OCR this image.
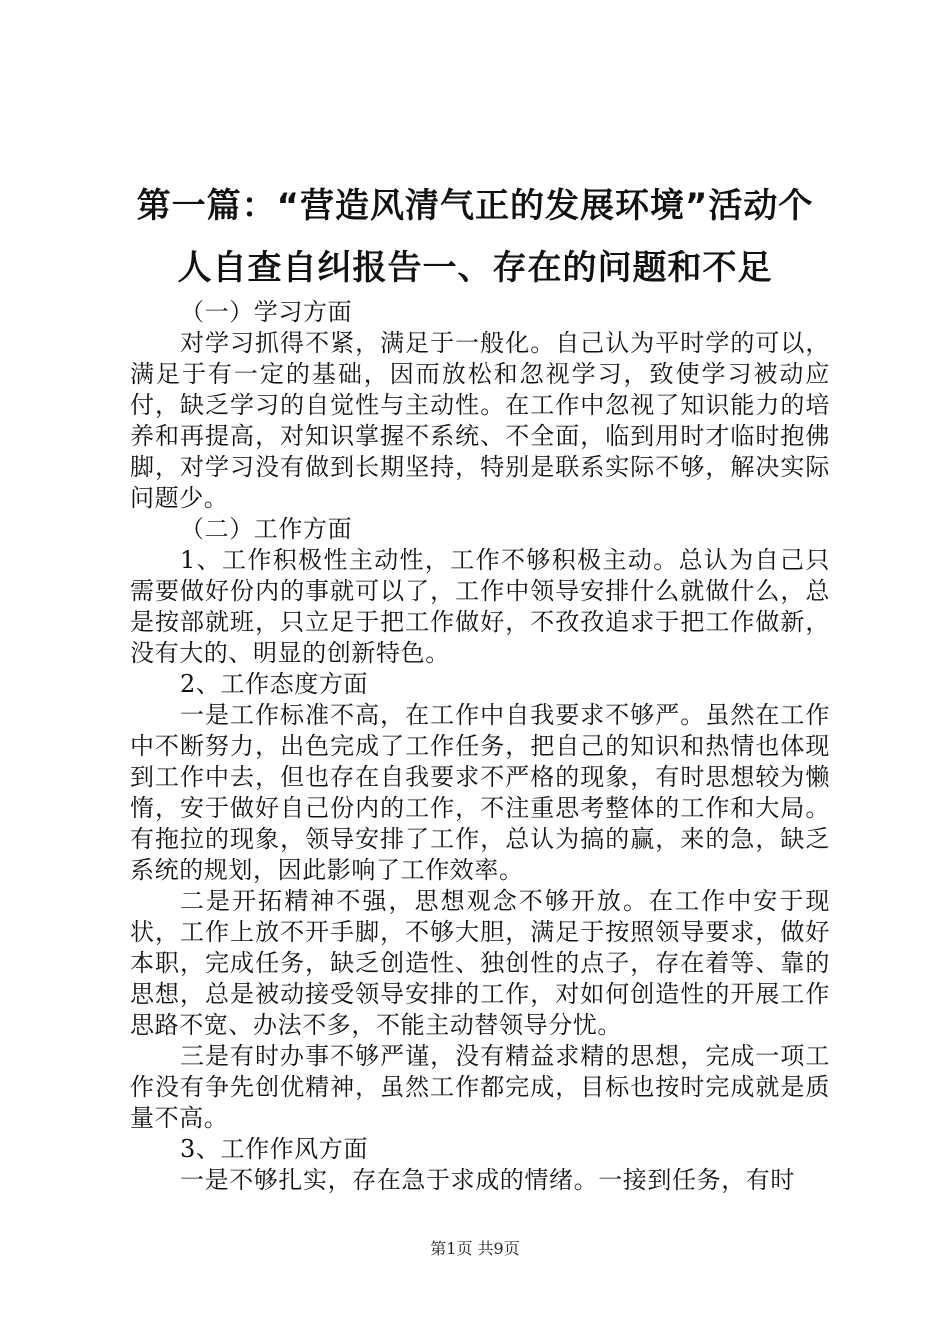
第一篇：“营造风清气正的发展环境”活动个
人自查自纠报告一、存在的问题和不足

（一）学习方面

对学习抓得不紧，满足于一般化。自己认为平时学的可以，满足于有一定的基础，因而放松和忽视学习，致使学习被动应付，缺乏学习的自觉性与主动性。在工作中忽视了知识能力的培养和再提高，对知识掌握不系统、不全面，临到用时才临时抱佛脚，对学习没有做到长期坚持，特别是联系实际不够，解决实际问题少。

（二）工作方面

1、工作积极性主动性，工作不够积极主动。总认为自己只需要做好份内的事就可以了，工作中领导安排什么就做什么，总是按部就班，只立足于把工作做好，不孜孜追求于把工作做新，没有大的、明显的创新特色。

2、工作态度方面

一是工作标准不高，在工作中自我要求不够严。虽然在工作中不断努力，出色完成了工作任务，把自己的知识和热情也体现到工作中去，但也存在自我要求不严格的现象，有时思想较为懒惰，安于做好自己份内的工作，不注重思考整体的工作和大局。有拖拉的现象，领导安排了工作，总认为搞的赢，来的急，缺乏系统的规划，因此影响了工作效率。

二是开拓精神不强，思想观念不够开放。在工作中安于现状，工作上放不开手脚，不够大胆，满足于按照领导要求，做好本职，完成任务，缺乏创造性、独创性的点子，存在着等、靠的思想，总是被动接受领导安排的工作，对如何创造性的开展工作思路不宽、办法不多，不能主动替领导分忧。

三是有时办事不够严谨，没有精益求精的思想，完成一项工作没有争先创优精神，虽然工作都完成，目标也按时完成就是质量不高。

3、工作作风方面

一是不够扎实，存在急于求成的情绪。一接到任务，有时

第1页 共9页
